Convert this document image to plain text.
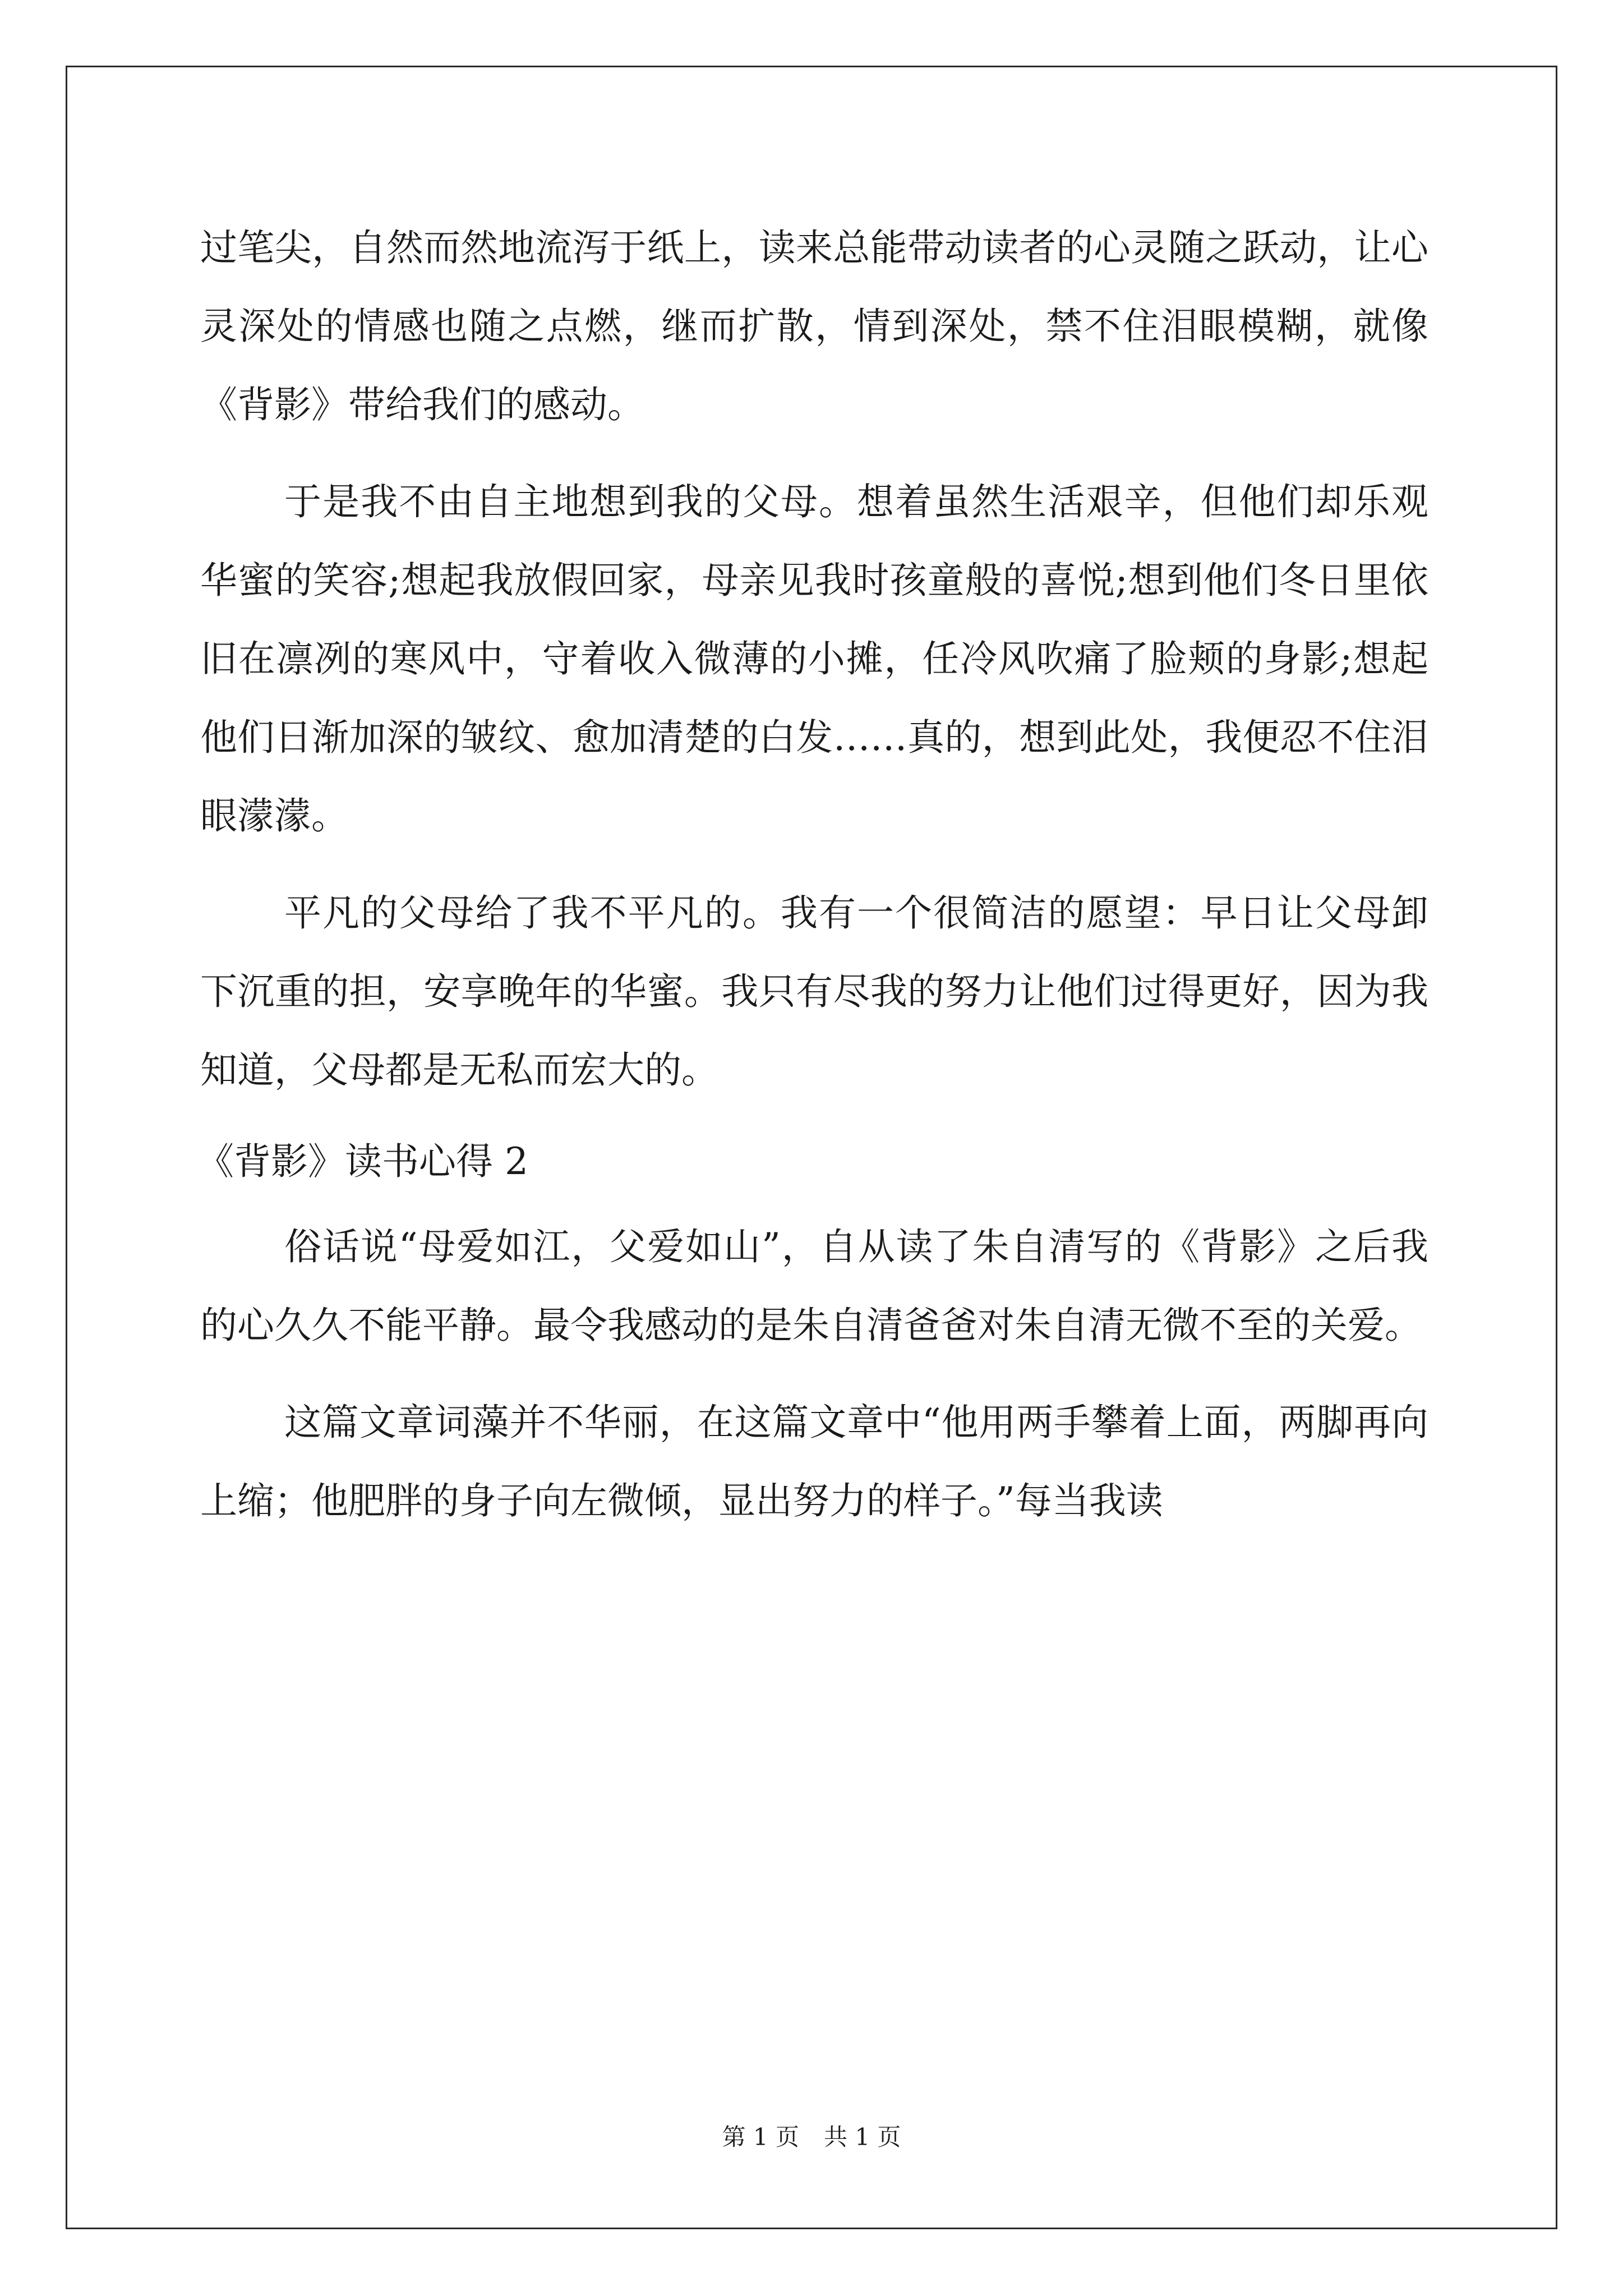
过笔尖，自然而然地流泻于纸上，读来总能带动读者的心灵随之跃动，让心灵深处的情感也随之点燃，继而扩散，情到深处，禁不住泪眼模糊，就像《背影》带给我们的感动。

于是我不由自主地想到我的父母。想着虽然生活艰辛，但他们却乐观华蜜的笑容;想起我放假回家，母亲见我时孩童般的喜悦;想到他们冬日里依旧在凛冽的寒风中，守着收入微薄的小摊，任冷风吹痛了脸颊的身影;想起他们日渐加深的皱纹、愈加清楚的白发……真的，想到此处，我便忍不住泪眼濛濛。

平凡的父母给了我不平凡的。我有一个很简洁的愿望：早日让父母卸下沉重的担，安享晚年的华蜜。我只有尽我的努力让他们过得更好，因为我知道，父母都是无私而宏大的。

《背影》读书心得 2

俗话说“母爱如江，父爱如山”，自从读了朱自清写的《背影》之后我的心久久不能平静。最令我感动的是朱自清爸爸对朱自清无微不至的关爱。

这篇文章词藻并不华丽，在这篇文章中“他用两手攀着上面，两脚再向上缩；他肥胖的身子向左微倾，显出努力的样子。”每当我读

第 1 页 共 1 页
